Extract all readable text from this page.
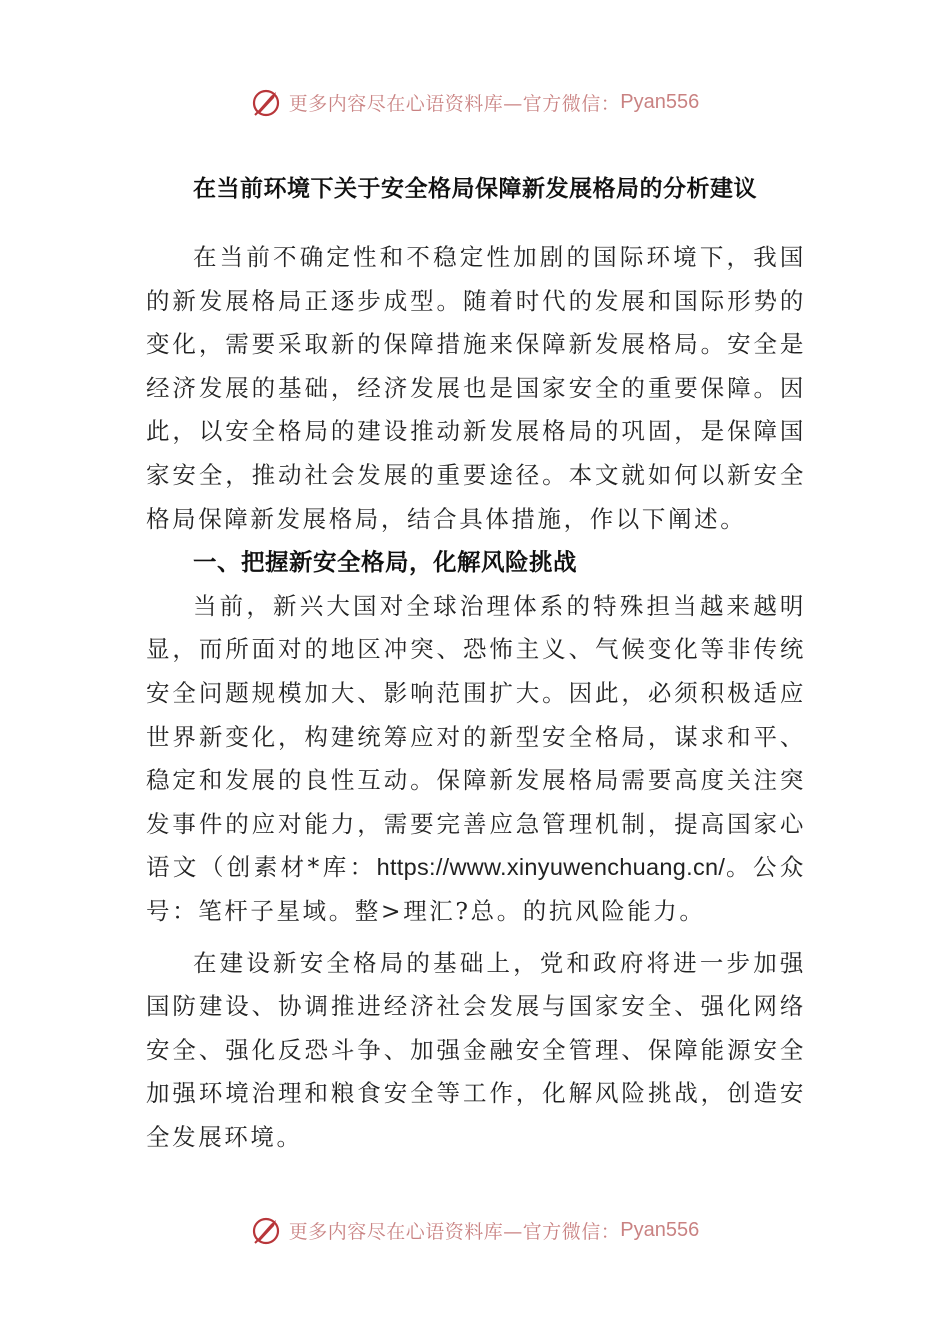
更多内容尽在心语资料库—官方微信： Pyan556
在当前环境下关于安全格局保障新发展格局的分析建议

在当前不确定性和不稳定性加剧的国际环境下，我国的新发展格局正逐步成型。随着时代的发展和国际形势的变化，需要采取新的保障措施来保障新发展格局。安全是经济发展的基础，经济发展也是国家安全的重要保障。因此，以安全格局的建设推动新发展格局的巩固，是保障国家安全，推动社会发展的重要途径。本文就如何以新安全格局保障新发展格局，结合具体措施，作以下阐述。

一、把握新安全格局，化解风险挑战

当前，新兴大国对全球治理体系的特殊担当越来越明显，而所面对的地区冲突、恐怖主义、气候变化等非传统安全问题规模加大、影响范围扩大。因此，必须积极适应世界新变化，构建统筹应对的新型安全格局，谋求和平、稳定和发展的良性互动。保障新发展格局需要高度关注突发事件的应对能力，需要完善应急管理机制，提高国家心语文（创素材*库：https://www.xinyuwenchuang.cn/。公众号：笔杆子星域。整>理汇?总。的抗风险能力。

在建设新安全格局的基础上，党和政府将进一步加强国防建设、协调推进经济社会发展与国家安全、强化网络安全、强化反恐斗争、加强金融安全管理、保障能源安全加强环境治理和粮食安全等工作，化解风险挑战，创造安全发展环境。

更多内容尽在心语资料库—官方微信： Pyan556
